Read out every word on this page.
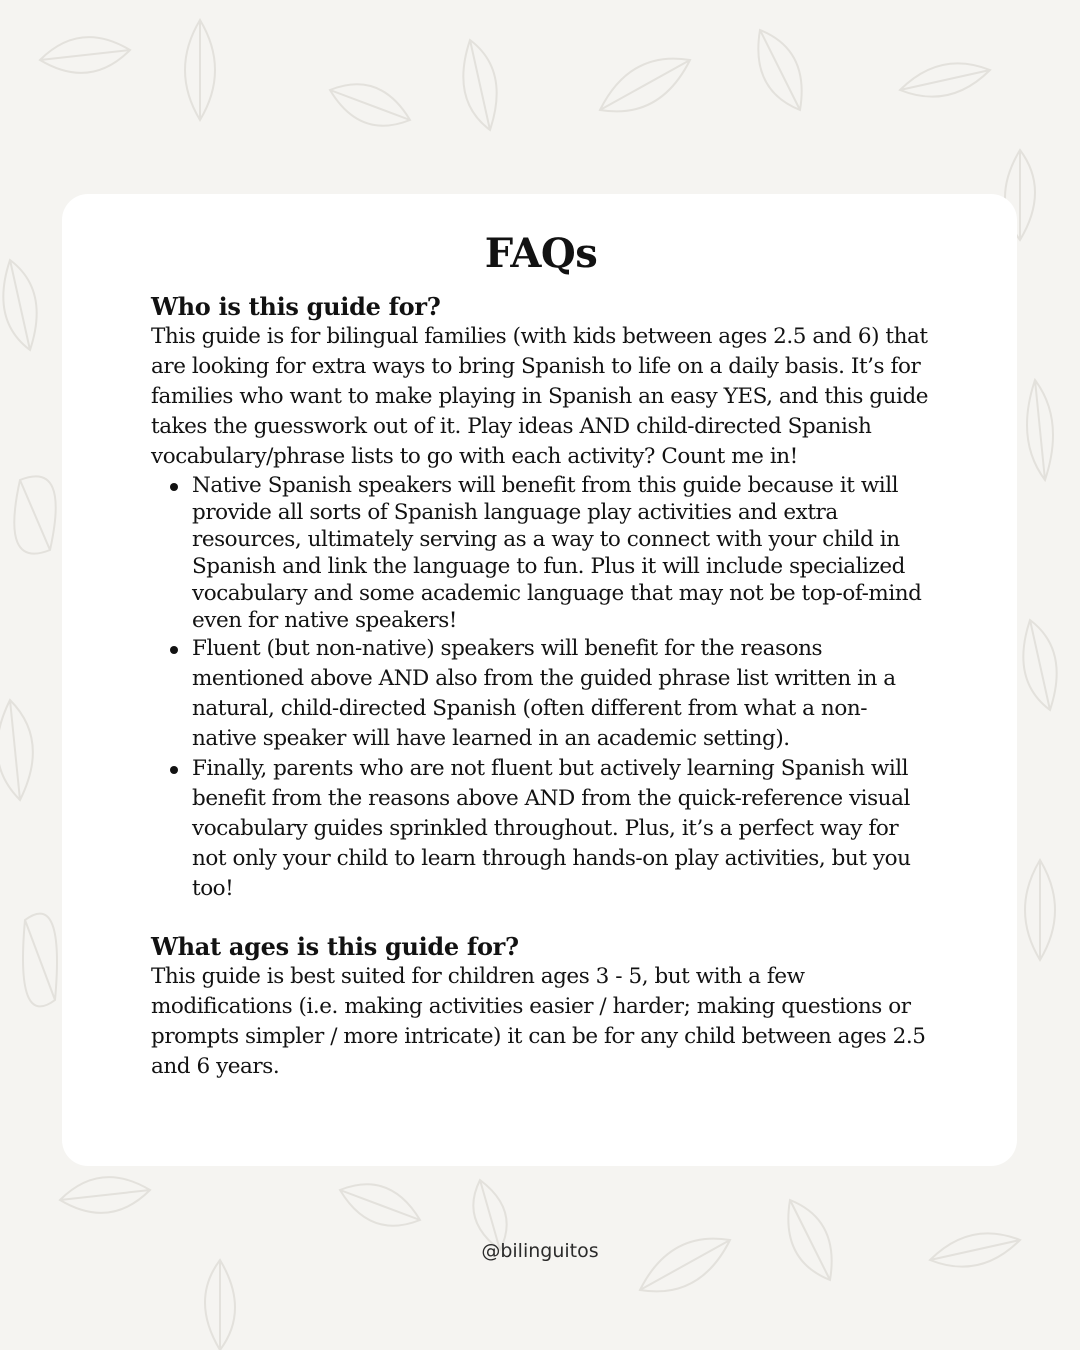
FAQs
Who is this guide for?

This guide is for bilingual families (with kids between ages 2.5 and 6) that are looking for extra ways to bring Spanish to life on a daily basis. It’s for families who want to make playing in Spanish an easy YES, and this guide takes the guesswork out of it. Play ideas AND child-directed Spanish vocabulary/phrase lists to go with each activity? Count me in!

Native Spanish speakers will benefit from this guide because it will provide all sorts of Spanish language play activities and extra resources, ultimately serving as a way to connect with your child in Spanish and link the language to fun. Plus it will include specialized vocabulary and some academic language that may not be top-of-mind even for native speakers!
Fluent (but non-native) speakers will benefit for the reasons mentioned above AND also from the guided phrase list written in a natural, child-directed Spanish (often different from what a non-native speaker will have learned in an academic setting).
Finally, parents who are not fluent but actively learning Spanish will benefit from the reasons above AND from the quick-reference visual vocabulary guides sprinkled throughout. Plus, it’s a perfect way for not only your child to learn through hands-on play activities, but you too!
What ages is this guide for?

This guide is best suited for children ages 3 - 5, but with a few modifications (i.e. making activities easier / harder; making questions or prompts simpler / more intricate) it can be for any child between ages 2.5 and 6 years.

@bilinguitos
